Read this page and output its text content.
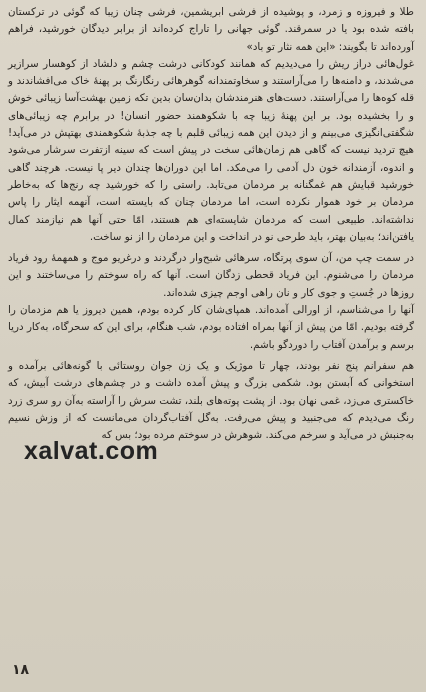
طلا و فیروزه و زمرد، و پوشیده از فرشی ابریشمین، فرشی چنان زیبا که گوئی در ترکستان بافته شده بود یا در سمرقند. گوئی جهانی را تاراج کرده‌اند از برابر دیدگان خورشید، فراهم آورده‌اند تا بگویند: «این همه نثار تو باد»

غول‌هائی دراز ریش را می‌دیدیم که همانند کودکانی درشت چشم و دلشاد از کوهسار سرازیر می‌شدند، و دامنه‌ها را می‌آراستند و سخاوتمندانه گوهرهائی رنگارنگ بر پهنهٔ خاک می‌افشاندند و قله کوه‌ها را می‌آراستند. دست‌های هنرمندشان بدان‌سان بدین تکه زمین بهشت‌آسا زیبائی خوش و را بخشیده بود. بر این پهنهٔ زیبا چه با شکوهمند حضور انسان! در برابرم چه زیبائی‌های شگفتی‌انگیزی می‌بینم و از دیدن این همه زیبائی قلبم با چه جذبهٔ شکوهمندی بهتپش در می‌آید! هیچ تردید نیست که گاهی هم زمان‌هائی سخت در پیش است که سینه ازتفرت سرشار می‌شود و اندوه، آزمندانه خون دل آدمی را می‌مکد. اما این دوران‌ها چندان دیر پا نیست. هرچند گاهی خورشید قبایش هم غمگنانه بر مردمان می‌تابد. راستی را که خورشید چه رنج‌ها که به‌خاطر مردمان بر خود هموار نکرده است، اما مردمان چنان که بایسته است، آنهمه ایثار را پاس نداشته‌اند. طبیعی است که مردمان شایسته‌ای هم هستند، امّا حتی آنها هم نیازمند کمال یافتن‌اند؛ به‌بیان بهتر، باید طرحی نو در انداخت و این مردمان را از نو ساخت.

در سمت چپ من، آن سوی پرتگاه، سرهائی شبح‌وار درگردند و درغریو موج و همهمهٔ رود فریاد مردمان را می‌شنوم. این فریاد قحطی زدگان است. آنها که راه سوختم را می‌ساختند و این روزها در جُستِ و جوی کار و نان راهی اوجم چیزی شده‌اند.

آنها را می‌شناسم، از اورالی آمده‌اند. همپای‌شان کار کرده بودم، همین دیروز یا هم مزدمان را گرفته بودیم. امّا من پیش از آنها بمراه افتاده بودم، شب هنگام، برای این که سحرگاه، به‌کار دریا برسم و برآمدن آفتاب را دوردگو باشم.

هم سفرانم پنج نفر بودند، چهار تا موژیک و یک زن جوان روستائی با گونه‌هائی برآمده و استخوانی که آبستن بود. شکمی بزرگ و پیش آمده داشت و در چشم‌های درشت آبیش، که خاکستری می‌زد، غمی نهان بود. از پشت پوته‌های بلند، تشت سرش را آراسته به‌آن رو سری زرد رنگ می‌دیدم که می‌جنبید و پیش می‌رفت. به‌گل آفتاب‌گردان می‌مانست که از وزش نسیم به‌جنبش در می‌آید و سرخم می‌کند. شوهرش در سوختم مرده بود؛ بس که

xalvat.com
۱۸
